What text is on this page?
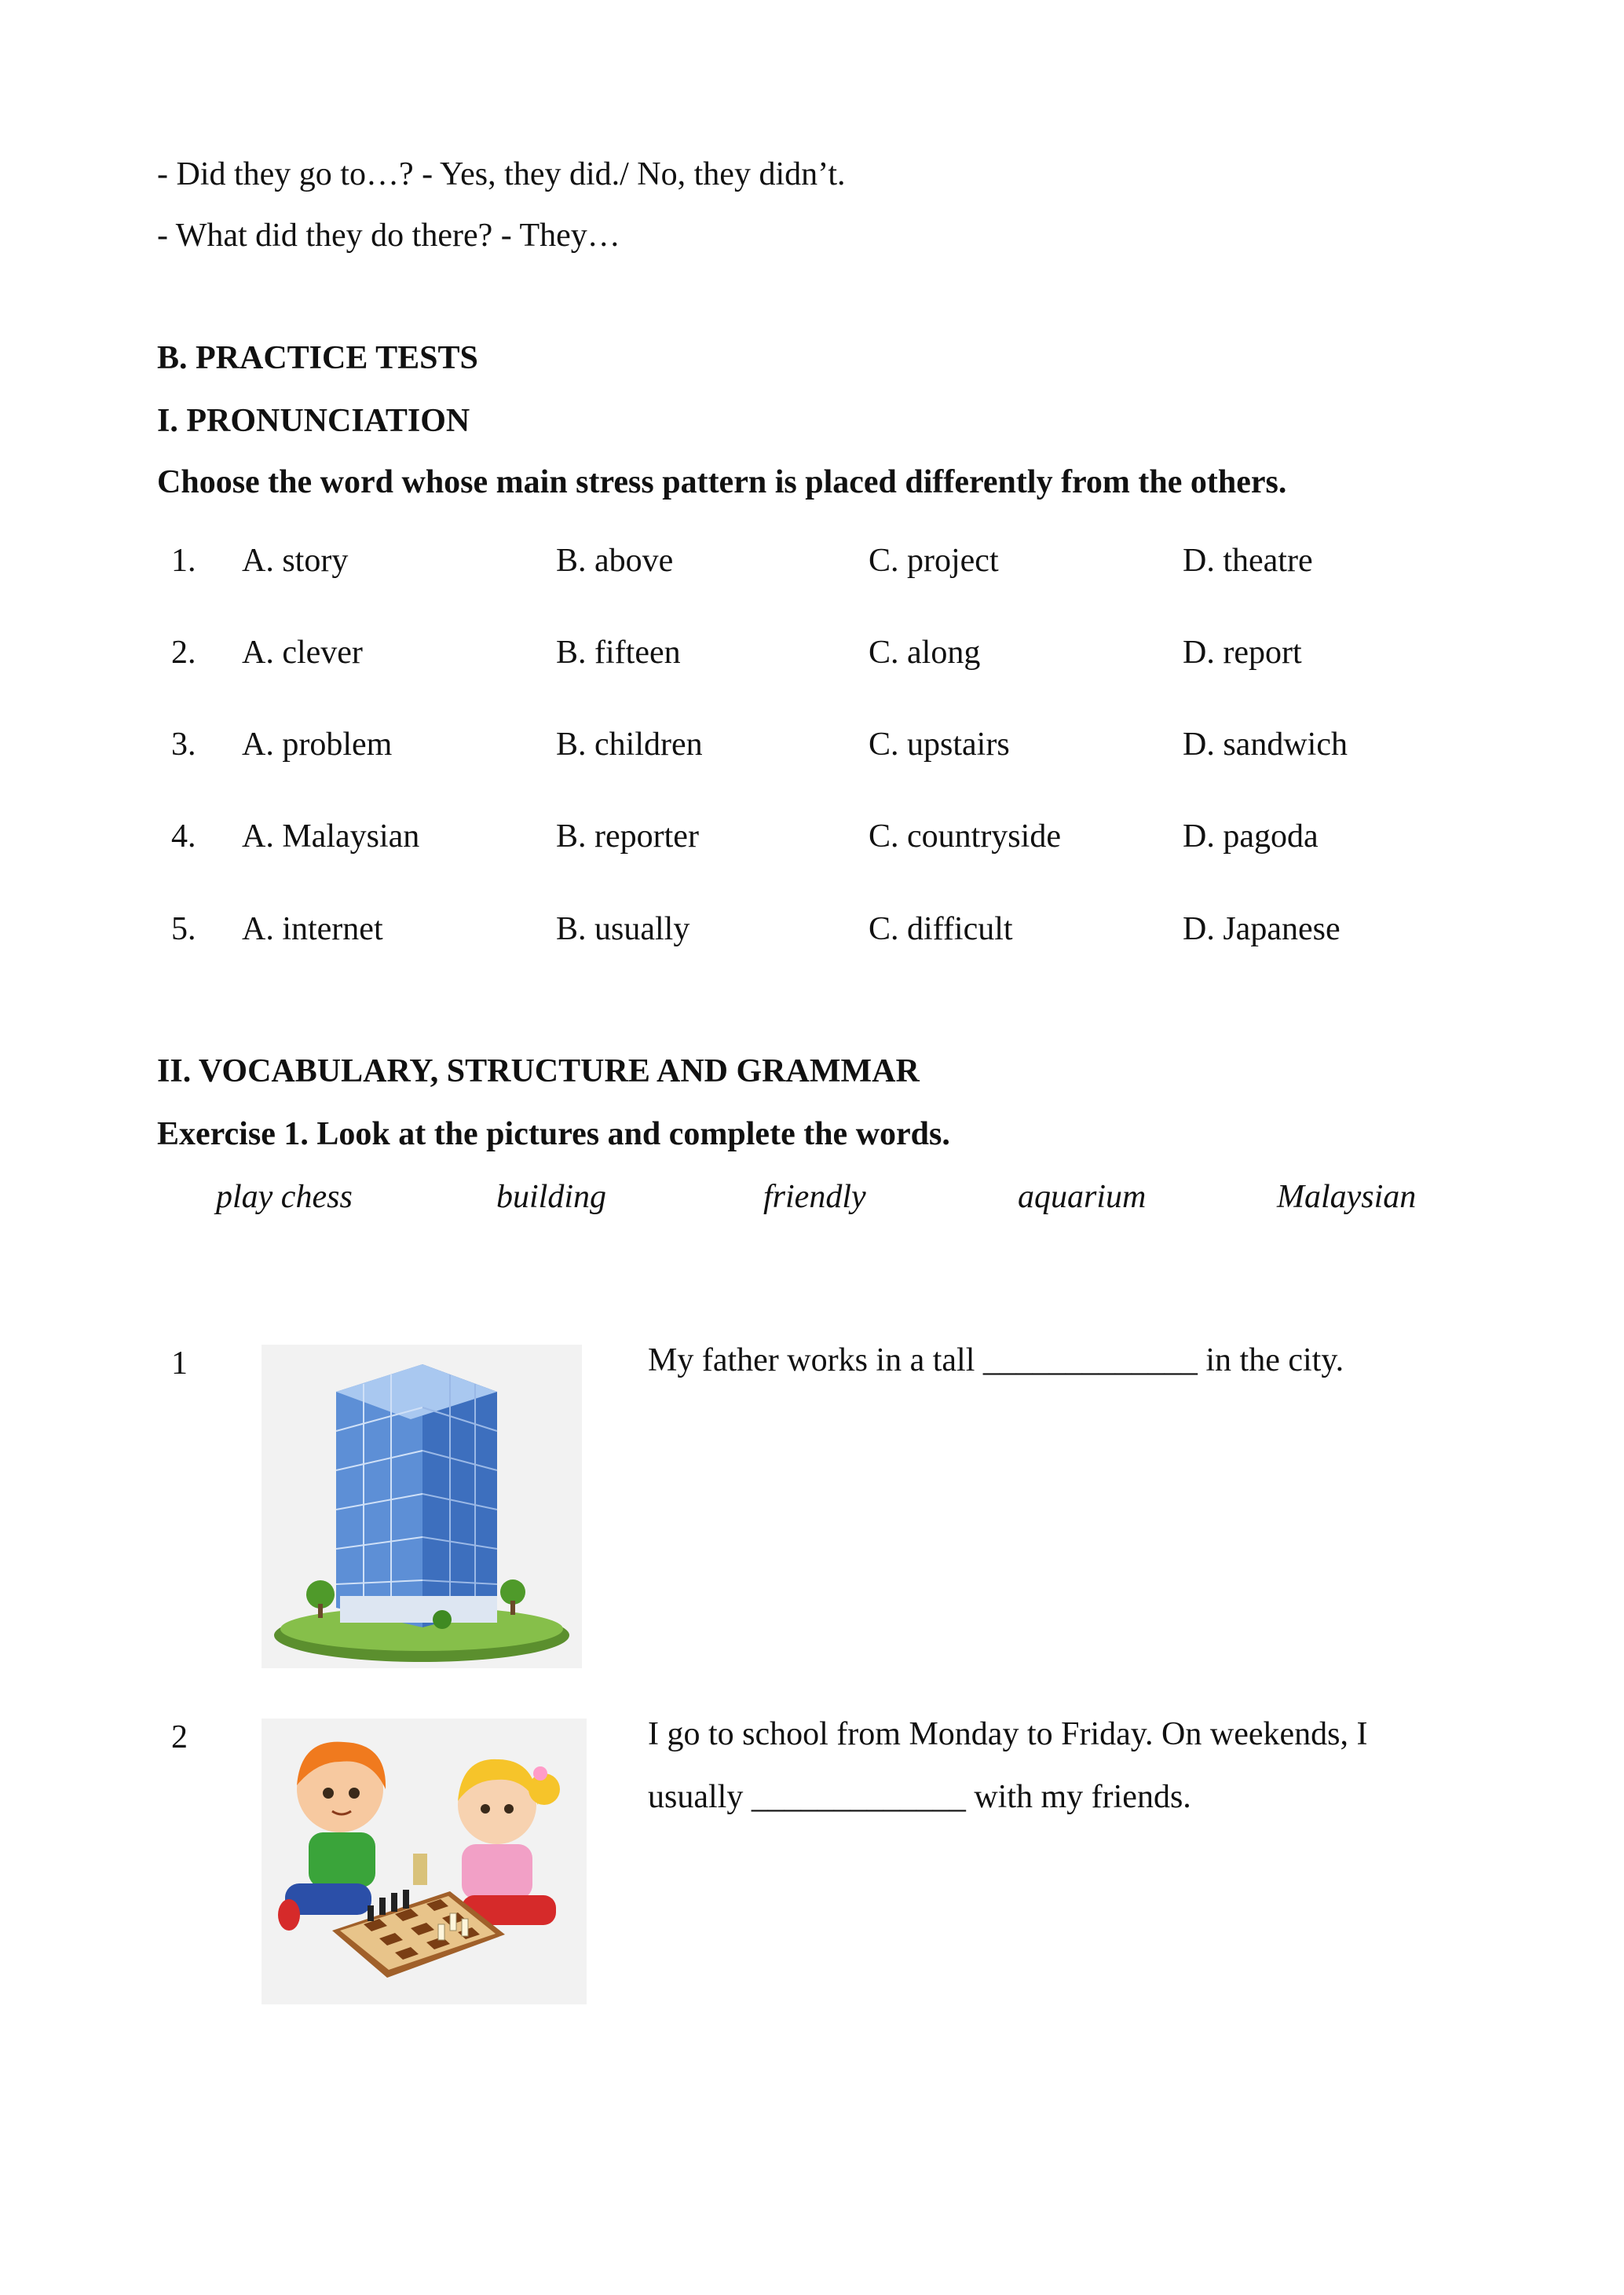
- Did they go to…? - Yes, they did./ No, they didn’t.
- What did they do there? - They…
B. PRACTICE TESTS
I. PRONUNCIATION
Choose the word whose main stress pattern is placed differently from the others.
1. A. story	B. above	C. project	D. theatre
2. A. clever	B. fifteen	C. along	D. report
3. A. problem	B. children	C. upstairs	D. sandwich
4. A. Malaysian	B. reporter	C. countryside	D. pagoda
5. A. internet	B. usually	C. difficult	D. Japanese
II. VOCABULARY, STRUCTURE AND GRAMMAR
Exercise 1. Look at the pictures and complete the words.
play chess	building	friendly	aquarium	Malaysian
1	My father works in a tall _____________ in the city.
2	I go to school from Monday to Friday. On weekends, I usually _____________ with my friends.
